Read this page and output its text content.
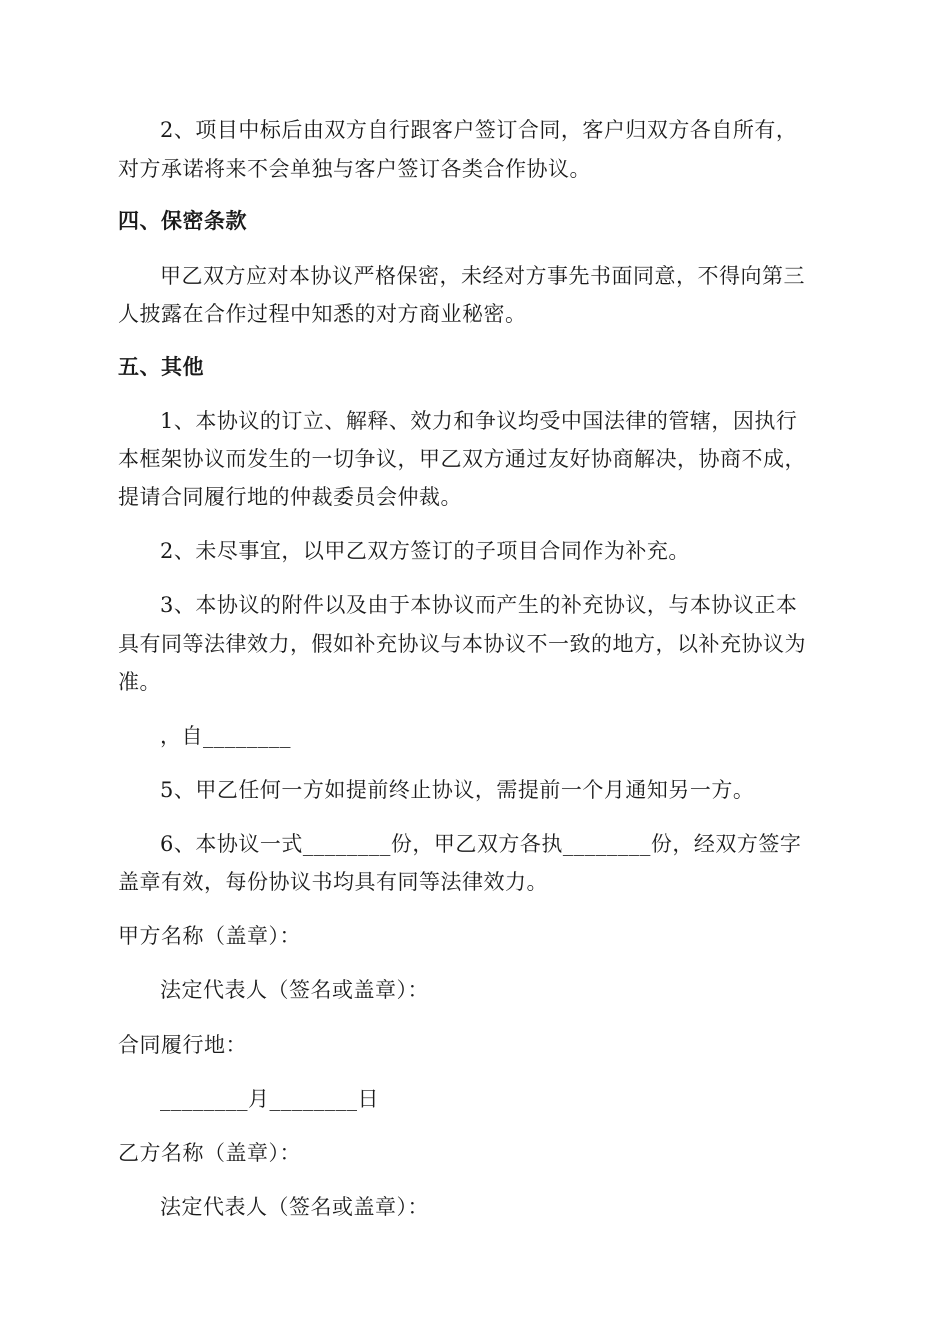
2、项目中标后由双方自行跟客户签订合同，客户归双方各自所有，
对方承诺将来不会单独与客户签订各类合作协议。
四、保密条款
甲乙双方应对本协议严格保密，未经对方事先书面同意，不得向第三
人披露在合作过程中知悉的对方商业秘密。
五、其他
1、本协议的订立、解释、效力和争议均受中国法律的管辖，因执行
本框架协议而发生的一切争议，甲乙双方通过友好协商解决，协商不成，
提请合同履行地的仲裁委员会仲裁。
2、未尽事宜，以甲乙双方签订的子项目合同作为补充。
3、本协议的附件以及由于本协议而产生的补充协议，与本协议正本
具有同等法律效力，假如补充协议与本协议不一致的地方，以补充协议为
准。
，自________
5、甲乙任何一方如提前终止协议，需提前一个月通知另一方。
6、本协议一式________份，甲乙双方各执________份，经双方签字
盖章有效，每份协议书均具有同等法律效力。
甲方名称（盖章）：
法定代表人（签名或盖章）：
合同履行地：
________月________日
乙方名称（盖章）：
法定代表人（签名或盖章）：
